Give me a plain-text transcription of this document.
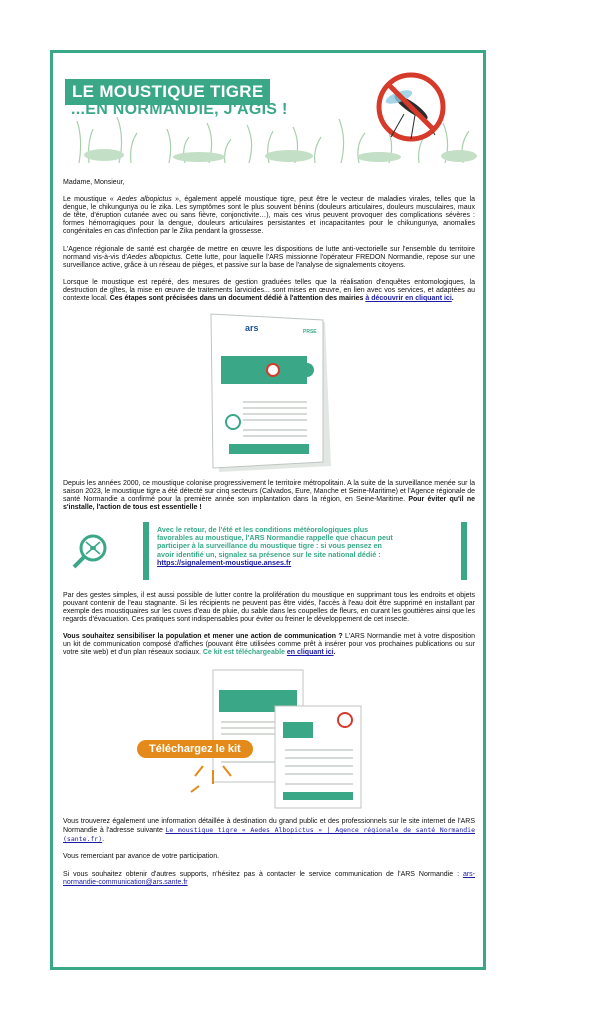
LE MOUSTIQUE TIGRE
...EN NORMANDIE, J'AGIS !

Madame, Monsieur,

Le moustique « Aedes albopictus », également appelé moustique tigre, peut être le vecteur de maladies virales, telles que la dengue, le chikungunya ou le zika. Les symptômes sont le plus souvent bénins (douleurs articulaires, douleurs musculaires, maux de tête, d'éruption cutanée avec ou sans fièvre, conjonctivite…), mais ces virus peuvent provoquer des complications sévères : formes hémorragiques pour la dengue, douleurs articulaires persistantes et incapacitantes pour le chikungunya, anomalies congénitales en cas d'infection par le Zika pendant la grossesse.

L'Agence régionale de santé est chargée de mettre en œuvre les dispositions de lutte anti-vectorielle sur l'ensemble du territoire normand vis-à-vis d'Aedes albopictus. Cette lutte, pour laquelle l'ARS missionne l'opérateur FREDON Normandie, repose sur une surveillance active, grâce à un réseau de pièges, et passive sur la base de l'analyse de signalements citoyens.

Lorsque le moustique est repéré, des mesures de gestion graduées telles que la réalisation d'enquêtes entomologiques, la destruction de gîtes, la mise en œuvre de traitements larvicides... sont mises en œuvre, en lien avec vos services, et adaptées au contexte local. Ces étapes sont précisées dans un document dédié à l'attention des mairies à découvrir en cliquant ici.

ars	PRSE

Depuis les années 2000, ce moustique colonise progressivement le territoire métropolitain. A la suite de la surveillance menée sur la saison 2023, le moustique tigre a été détecté sur cinq secteurs (Calvados, Eure, Manche et Seine-Maritime) et l'Agence régionale de santé Normandie a confirmé pour la première année son implantation dans la région, en Seine-Maritime. Pour éviter qu'il ne s'installe, l'action de tous est essentielle !

Avec le retour, de l'été et les conditions météorologiques plus favorables au moustique, l'ARS Normandie rappelle que chacun peut participer à la surveillance du moustique tigre : si vous pensez en avoir identifié un, signalez sa présence sur le site national dédié : https://signalement-moustique.anses.fr

Par des gestes simples, il est aussi possible de lutter contre la prolifération du moustique en supprimant tous les endroits et objets pouvant contenir de l'eau stagnante. Si les récipients ne peuvent pas être vidés, l'accès à l'eau doit être supprimé en installant par exemple des moustiquaires sur les cuves d'eau de pluie, du sable dans les coupelles de fleurs, en curant les gouttières ainsi que les regards d'évacuation. Ces pratiques sont indispensables pour éviter ou freiner le développement de cet insecte.

Vous souhaitez sensibiliser la population et mener une action de communication ? L'ARS Normandie met à votre disposition un kit de communication composé d'affiches (pouvant être utilisées comme prêt à insérer pour vos prochaines publications ou sur votre site web) et d'un plan réseaux sociaux. Ce kit est téléchargeable en cliquant ici.

Téléchargez le kit

Vous trouverez également une information détaillée à destination du grand public et des professionnels sur le site internet de l'ARS Normandie à l'adresse suivante Le moustique tigre « Aedes Albopictus » | Agence régionale de santé Normandie (sante.fr).

Vous remerciant par avance de votre participation.

Si vous souhaitez obtenir d'autres supports, n'hésitez pas à contacter le service communication de l'ARS Normandie : ars-normandie-communication@ars.sante.fr
